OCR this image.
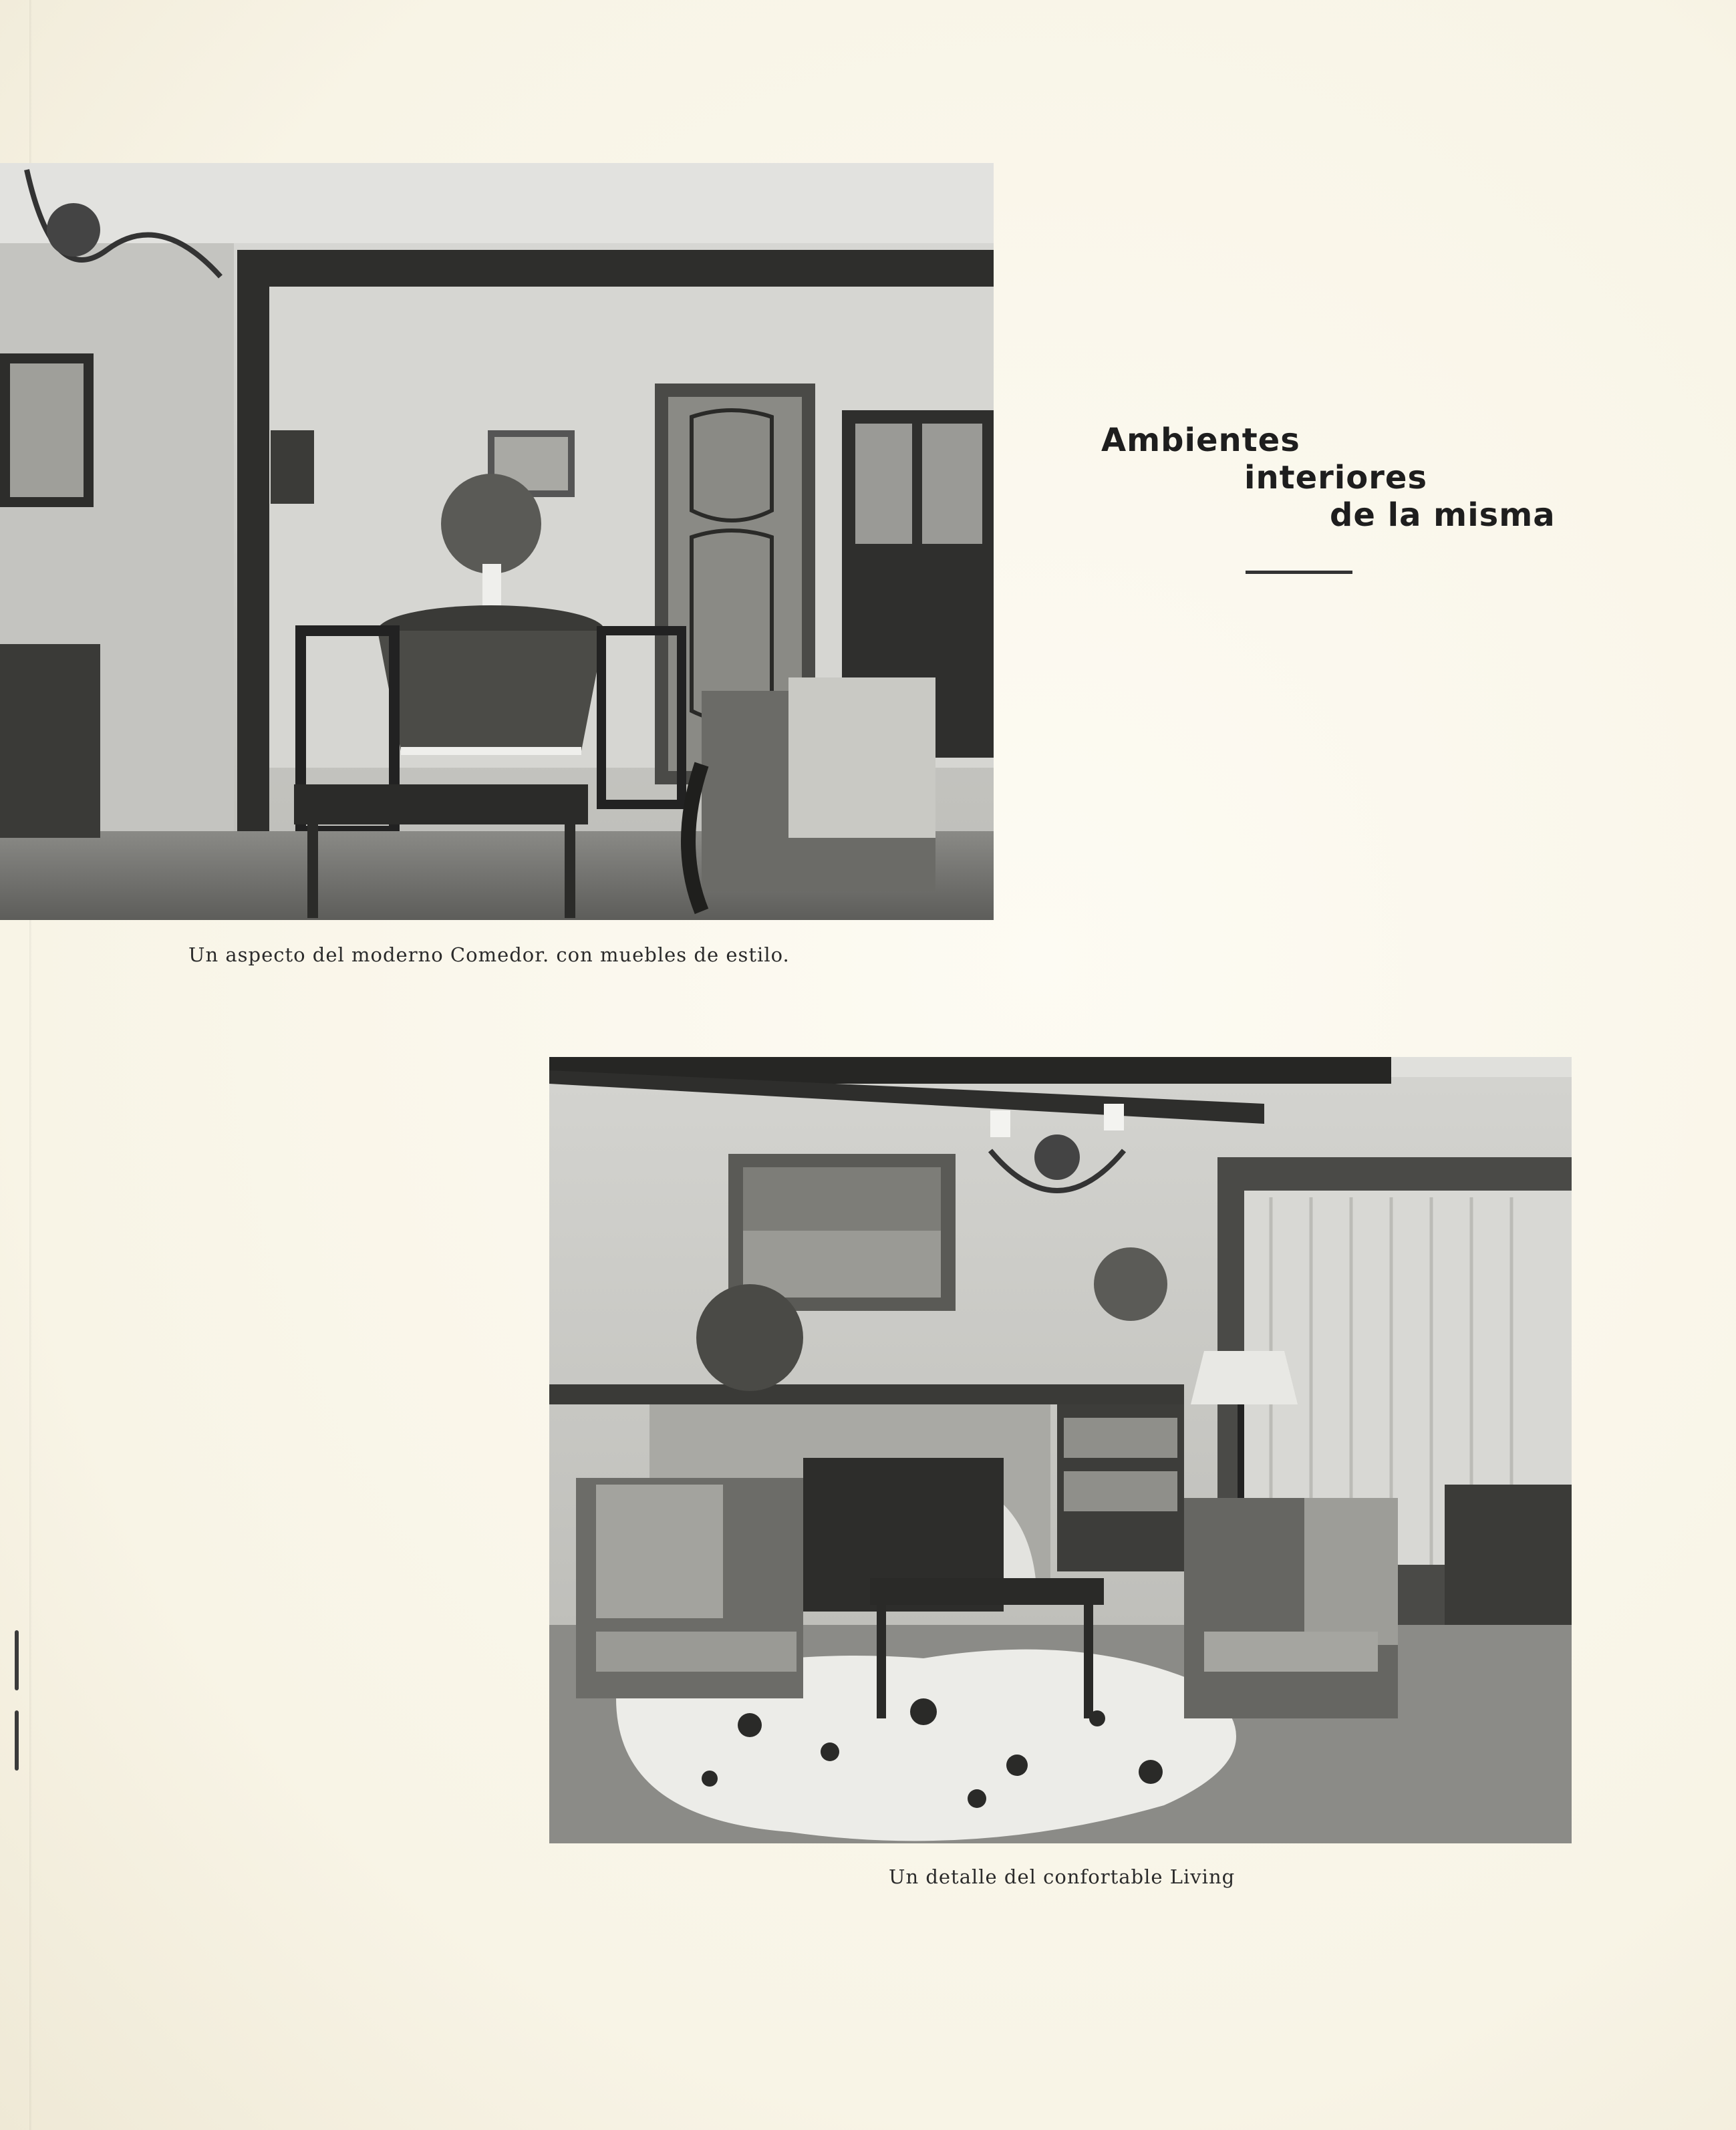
Un aspecto del moderno Comedor. con muebles de estilo.
Ambientes
interiores
de la misma
Un detalle del confortable Living
